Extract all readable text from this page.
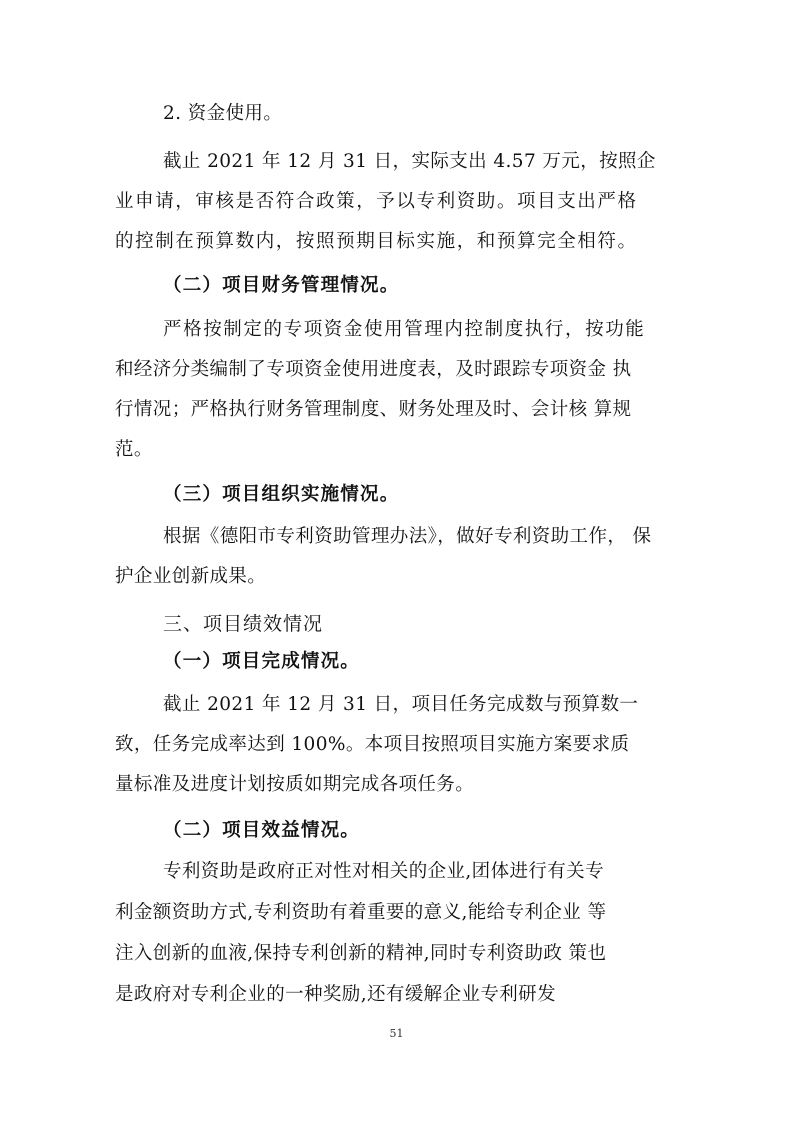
2. 资金使用。
截止 2021 年 12 月 31 日，实际支出 4.57 万元，按照企
业申请，审核是否符合政策，予以专利资助。项目支出严格
的控制在预算数内，按照预期目标实施，和预算完全相符。
（二）项目财务管理情况。
严格按制定的专项资金使用管理内控制度执行，按功能
和经济分类编制了专项资金使用进度表，及时跟踪专项资金 执
行情况；严格执行财务管理制度、财务处理及时、会计核 算规
范。
（三）项目组织实施情况。
根据《德阳市专利资助管理办法》，做好专利资助工作， 保
护企业创新成果。
三、项目绩效情况
（一）项目完成情况。
截止 2021 年 12 月 31 日，项目任务完成数与预算数一
致，任务完成率达到 100%。本项目按照项目实施方案要求质
量标准及进度计划按质如期完成各项任务。
（二）项目效益情况。
专利资助是政府正对性对相关的企业,团体进行有关专
利金额资助方式,专利资助有着重要的意义,能给专利企业 等
注入创新的血液,保持专利创新的精神,同时专利资助政 策也
是政府对专利企业的一种奖励,还有缓解企业专利研发
51
